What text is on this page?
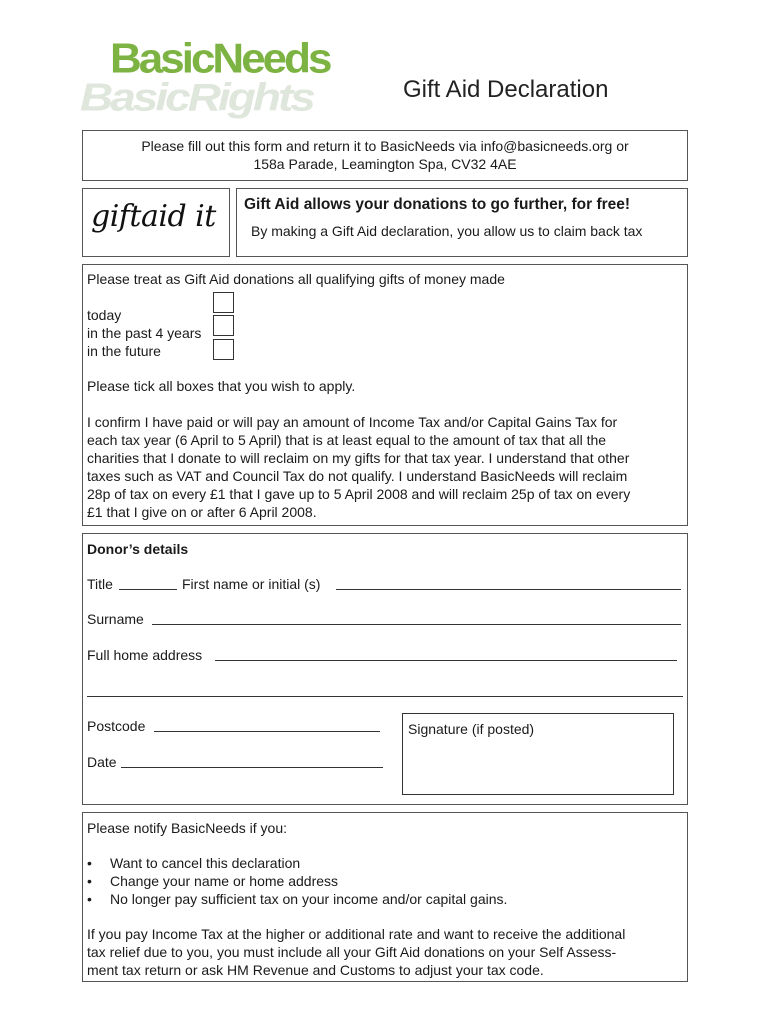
BasicRights
BasicNeeds
Gift Aid Declaration
Please fill out this form and return it to BasicNeeds via info@basicneeds.org or
158a Parade, Leamington Spa, CV32 4AE
giftaid it Gift Aid allows your donations to go further, for free!
By making a Gift Aid declaration, you allow us to claim back tax
Please treat as Gift Aid donations all qualifying gifts of money made
today
in the past 4 years
in the future
Please tick all boxes that you wish to apply.
I confirm I have paid or will pay an amount of Income Tax and/or Capital Gains Tax for
each tax year (6 April to 5 April) that is at least equal to the amount of tax that all the
charities that I donate to will reclaim on my gifts for that tax year. I understand that other
taxes such as VAT and Council Tax do not qualify. I understand BasicNeeds will reclaim
28p of tax on every £1 that I gave up to 5 April 2008 and will reclaim 25p of tax on every
£1 that I give on or after 6 April 2008.
Donor’s details
Title	First name or initial (s)
Surname
Full home address
Postcode
Date
Signature (if posted)
Please notify BasicNeeds if you:
• Want to cancel this declaration
• Change your name or home address
• No longer pay sufficient tax on your income and/or capital gains.
If you pay Income Tax at the higher or additional rate and want to receive the additional
tax relief due to you, you must include all your Gift Aid donations on your Self Assess-
ment tax return or ask HM Revenue and Customs to adjust your tax code.
